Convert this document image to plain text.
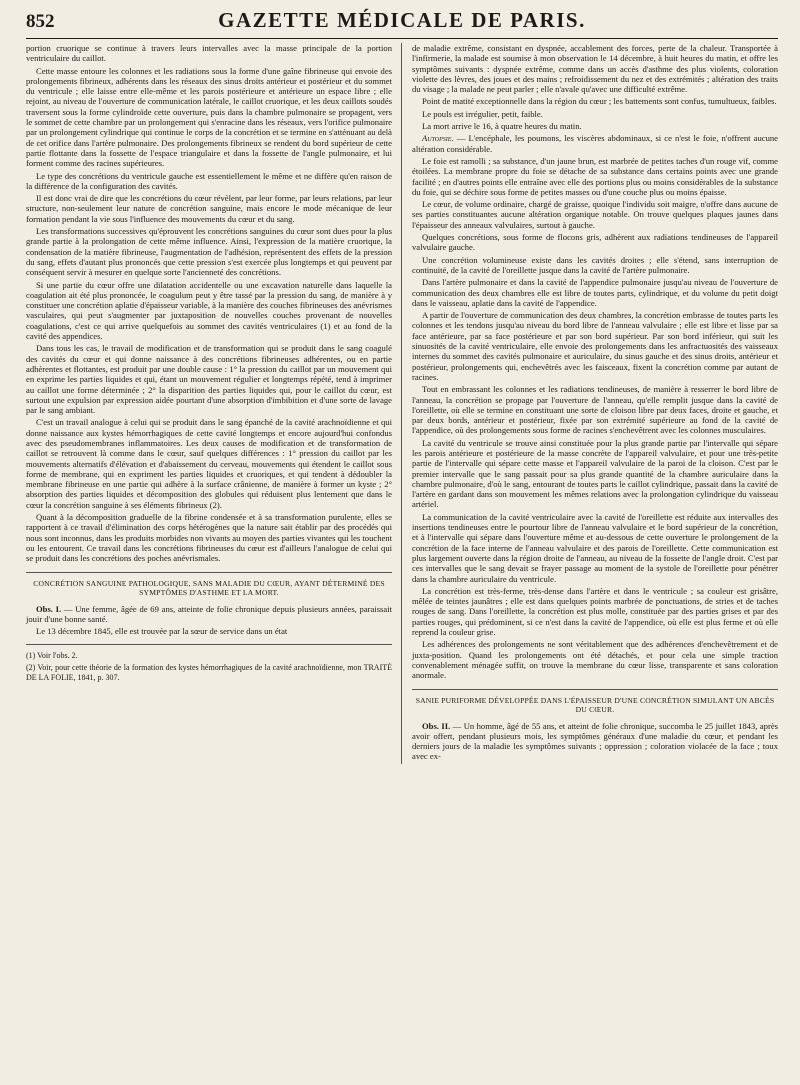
852	GAZETTE MÉDICALE DE PARIS.

portion cruorique se continue à travers leurs intervalles avec la masse principale de la portion ventriculaire du caillot.

Cette masse entoure les colonnes et les radiations sous la forme d'une gaîne fibrineuse qui envoie des prolongements fibrineux, adhérents dans les réseaux des sinus droits antérieur et postérieur et du sommet du ventricule ; elle laisse entre elle-même et les parois postérieure et antérieure un espace libre ; elle rejoint, au niveau de l'ouverture de communication latérale, le caillot cruorique, et les deux caillots soudés traversent sous la forme cylindroïde cette ouverture, puis dans la chambre pulmonaire se propagent, vers le sommet de cette chambre par un prolongement qui s'enracine dans les réseaux, vers l'orifice pulmonaire par un prolongement cylindrique qui continue le corps de la concrétion et se termine en s'atténuant au delà de cet orifice dans l'artère pulmonaire. Des prolongements fibrineux se rendent du bord supérieur de cette partie flottante dans la fossette de l'espace triangulaire et dans la fossette de l'angle pulmonaire, et lui forment comme des racines supérieures.

Le type des concrétions du ventricule gauche est essentiellement le même et ne diffère qu'en raison de la différence de la configuration des cavités.

Il est donc vrai de dire que les concrétions du cœur révèlent, par leur forme, par leurs relations, par leur structure, non-seulement leur nature de concrétion sanguine, mais encore le mode mécanique de leur formation pendant la vie sous l'influence des mouvements du cœur et du sang.

Les transformations successives qu'éprouvent les concrétions sanguines du cœur sont dues pour la plus grande partie à la prolongation de cette même influence. Ainsi, l'expression de la matière cruorique, la condensation de la matière fibrineuse, l'augmentation de l'adhésion, représentent des effets de la pression du sang, effets d'autant plus prononcés que cette pression s'est exercée plus longtemps et qui peuvent par conséquent servir à mesurer en quelque sorte l'ancienneté des concrétions.

Si une partie du cœur offre une dilatation accidentelle ou une excavation naturelle dans laquelle la coagulation ait été plus prononcée, le coagulum peut y être tassé par la pression du sang, de manière à y constituer une concrétion aplatie d'épaisseur variable, à la manière des couches fibrineuses des anévrismes vasculaires, qui peut s'augmenter par juxtaposition de nouvelles couches provenant de nouvelles coagulations, c'est ce qui arrive quelquefois au sommet des cavités ventriculaires (1) et au fond de la cavité des appendices.

Dans tous les cas, le travail de modification et de transformation qui se produit dans le sang coagulé des cavités du cœur et qui donne naissance à des concrétions fibrineuses adhérentes, ou en partie adhérentes et flottantes, est produit par une double cause : 1° la pression du caillot par un mouvement qui en exprime les parties liquides et qui, étant un mouvement régulier et longtemps répété, tend à imprimer au caillot une forme déterminée ; 2° la disparition des parties liquides qui, pour le caillot du cœur, est surtout une expulsion par expression aidée pourtant d'une absorption d'imbibition et d'une sorte de lavage par le sang ambiant.

C'est un travail analogue à celui qui se produit dans le sang épanché de la cavité arachnoïdienne et qui donne naissance aux kystes hémorrhagiques de cette cavité longtemps et encore aujourd'hui confondus avec des pseudomembranes inflammatoires. Les deux causes de modification et de transformation de caillot se retrouvent là comme dans le cœur, sauf quelques différences : 1° pression du caillot par les mouvements alternatifs d'élévation et d'abaissement du cerveau, mouvements qui étendent le caillot sous forme de membrane, qui en expriment les parties liquides et cruoriques, et qui tendent à dédoubler la membrane fibrineuse en une partie qui adhère à la surface crânienne, de manière à former un kyste ; 2° absorption des parties liquides et décomposition des globules qui réduisent plus lentement que dans le cœur la concrétion sanguine à ses éléments fibrineux (2).

Quant à la décomposition graduelle de la fibrine condensée et à sa transformation purulente, elles se rapportent à ce travail d'élimination des corps hétérogènes que la nature sait établir par des procédés qui nous sont inconnus, dans les produits morbides non vivants au moyen des parties vivantes qui les touchent ou les entourent. Ce travail dans les concrétions fibrineuses du cœur est d'ailleurs l'analogue de celui qui se produit dans les concrétions des poches anévrismales.

CONCRÉTION SANGUINE PATHOLOGIQUE, SANS MALADIE DU CŒUR, AYANT DÉTERMINÉ DES SYMPTÔMES D'ASTHME ET LA MORT.

Obs. I. — Une femme, âgée de 69 ans, atteinte de folie chronique depuis plusieurs années, paraissait jouir d'une bonne santé.

Le 13 décembre 1845, elle est trouvée par la sœur de service dans un état

(1) Voir l'obs. 2.

(2) Voir, pour cette théorie de la formation des kystes hémorrhagiques de la cavité arachnoïdienne, mon TRAITÉ DE LA FOLIE, 1841, p. 307.

de maladie extrême, consistant en dyspnée, accablement des forces, perte de la chaleur. Transportée à l'infirmerie, la malade est soumise à mon observation le 14 décembre, à huit heures du matin, et offre les symptômes suivants : dyspnée extrême, comme dans un accès d'asthme des plus violents, coloration violette des lèvres, des joues et des mains ; refroidissement du nez et des extrémités ; altération des traits du visage ; la malade ne peut parler ; elle n'avale qu'avec une difficulté extrême.

Point de matité exceptionnelle dans la région du cœur ; les battements sont confus, tumultueux, faibles.

Le pouls est irrégulier, petit, faible.

La mort arrive le 16, à quatre heures du matin.

Autopsie. — L'encéphale, les poumons, les viscères abdominaux, si ce n'est le foie, n'offrent aucune altération considérable.

Le foie est ramolli ; sa substance, d'un jaune brun, est marbrée de petites taches d'un rouge vif, comme étoilées. La membrane propre du foie se détache de sa substance dans certains points avec une grande facilité ; en d'autres points elle entraîne avec elle des portions plus ou moins considérables de la substance du foie, qui se déchire sous forme de petites masses ou d'une couche plus ou moins épaisse.

Le cœur, de volume ordinaire, chargé de graisse, quoique l'individu soit maigre, n'offre dans aucune de ses parties constituantes aucune altération organique notable. On trouve quelques plaques jaunes dans l'épaisseur des anneaux valvulaires, surtout à gauche.

Quelques concrétions, sous forme de flocons gris, adhèrent aux radiations tendineuses de l'appareil valvulaire gauche.

Une concrétion volumineuse existe dans les cavités droites ; elle s'étend, sans interruption de continuité, de la cavité de l'oreillette jusque dans la cavité de l'artère pulmonaire.

Dans l'artère pulmonaire et dans la cavité de l'appendice pulmonaire jusqu'au niveau de l'ouverture de communication des deux chambres elle est libre de toutes parts, cylindrique, et du volume du petit doigt dans le vaisseau, aplatie dans la cavité de l'appendice.

A partir de l'ouverture de communication des deux chambres, la concrétion embrasse de toutes parts les colonnes et les tendons jusqu'au niveau du bord libre de l'anneau valvulaire ; elle est libre et lisse par sa face antérieure, par sa face postérieure et par son bord supérieur. Par son bord inférieur, qui suit les sinuosités de la cavité ventriculaire, elle envoie des prolongements dans les anfractuosités des vaisseaux internes du sommet des cavités pulmonaire et auriculaire, du sinus gauche et des sinus droits, antérieur et postérieur, prolongements qui, enchevêtrés avec les faisceaux, fixent la concrétion comme par autant de racines.

Tout en embrassant les colonnes et les radiations tendineuses, de manière à resserrer le bord libre de l'anneau, la concrétion se propage par l'ouverture de l'anneau, qu'elle remplit jusque dans la cavité de l'oreillette, où elle se termine en constituant une sorte de cloison libre par deux faces, droite et gauche, et par deux bords, antérieur et postérieur, fixée par son extrémité supérieure au fond de la cavité de l'appendice, où des prolongements sous forme de racines s'enchevêtrent avec les colonnes musculaires.

La cavité du ventricule se trouve ainsi constituée pour la plus grande partie par l'intervalle qui sépare les parois antérieure et postérieure de la masse concrète de l'appareil valvulaire, et pour une très-petite partie de l'intervalle qui sépare cette masse et l'appareil valvulaire de la paroi de la cloison. C'est par le premier intervalle que le sang passait pour sa plus grande quantité de la chambre auriculaire dans la chambre pulmonaire, d'où le sang, entourant de toutes parts le caillot cylindrique, passait dans la cavité de l'artère en gardant dans son mouvement les mêmes relations avec la prolongation cylindrique du vaisseau artériel.

La communication de la cavité ventriculaire avec la cavité de l'oreillette est réduite aux intervalles des insertions tendineuses entre le pourtour libre de l'anneau valvulaire et le bord supérieur de la concrétion, et à l'intervalle qui sépare dans l'ouverture même et au-dessous de cette ouverture le prolongement de la concrétion de la face interne de l'anneau valvulaire et des parois de l'oreillette. Cette communication est plus largement ouverte dans la région droite de l'anneau, au niveau de la fossette de l'angle droit. C'est par ces intervalles que le sang devait se frayer passage au moment de la systole de l'oreillette pour pénétrer dans la chambre auriculaire du ventricule.

La concrétion est très-ferme, très-dense dans l'artère et dans le ventricule ; sa couleur est grisâtre, mêlée de teintes jaunâtres ; elle est dans quelques points marbrée de ponctuations, de stries et de taches rouges de sang. Dans l'oreillette, la concrétion est plus molle, constituée par des parties grises et par des parties rouges, qui prédominent, si ce n'est dans la cavité de l'appendice, où elle est plus ferme et où elle reprend la couleur grise.

Les adhérences des prolongements ne sont véritablement que des adhérences d'enchevêtrement et de juxta-position. Quand les prolongements ont été détachés, et pour cela une simple traction convenablement ménagée suffit, on trouve la membrane du cœur lisse, transparente et sans coloration anormale.

SANIE PURIFORME DÉVELOPPÉE DANS L'ÉPAISSEUR D'UNE CONCRÉTION SIMULANT UN ABCÈS DU CŒUR.

Obs. II. — Un homme, âgé de 55 ans, et atteint de folie chronique, succomba le 25 juillet 1843, après avoir offert, pendant plusieurs mois, les symptômes généraux d'une maladie du cœur, et pendant les derniers jours de la maladie les symptômes suivants ; oppression ; coloration violacée de la face ; toux avec ex-
